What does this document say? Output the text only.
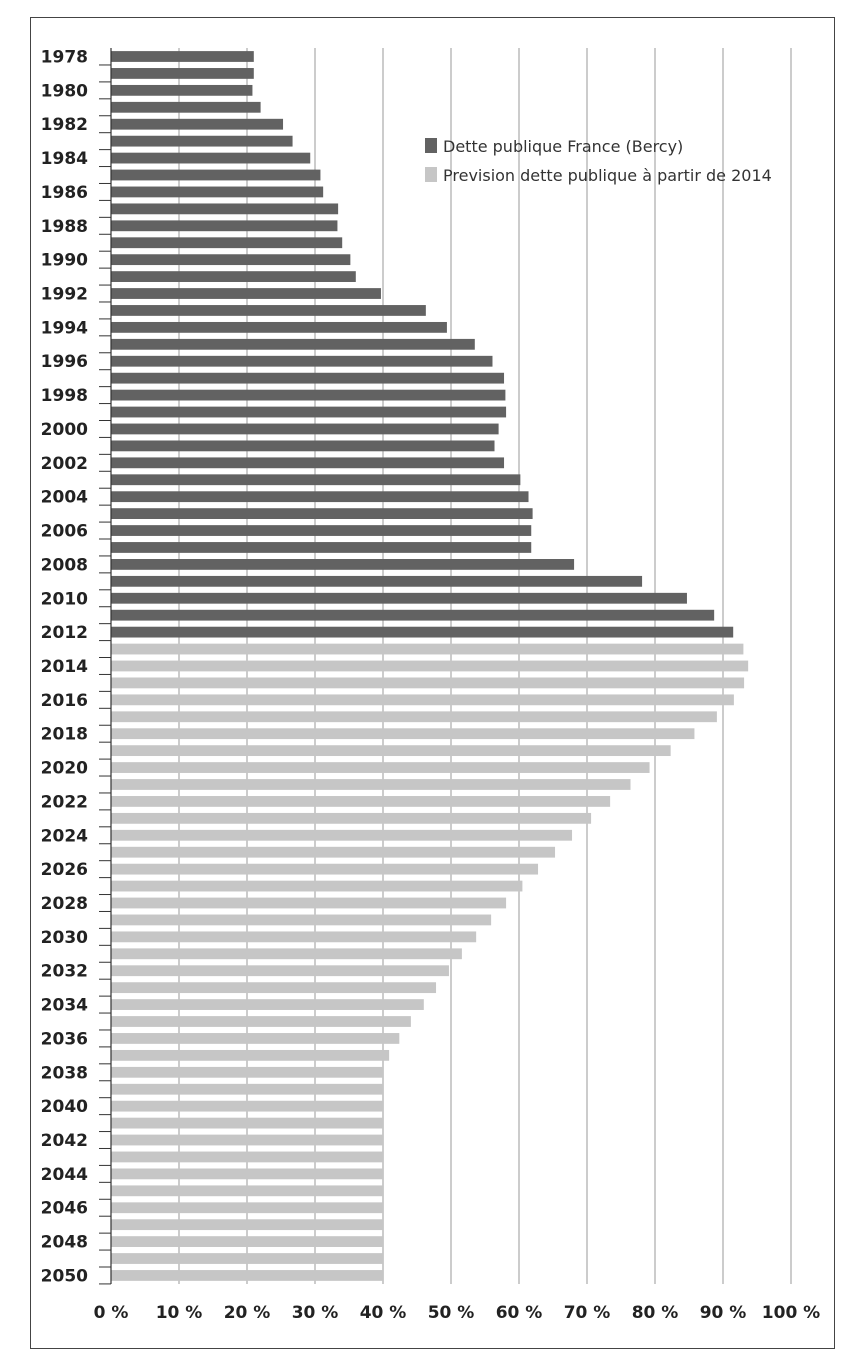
0 % 10 % 20 % 30 % 40 % 50 % 60 % 70 % 80 % 90 % 100 %
1978
1980
1982
1984
1986
1988
1990
1992
1994
1996
1998
2000
2002
2004
2006
2008
2010
2012
2014
2016
2018
2020
2022
2024
2026
2028
2030
2032
2034
2036
2038
2040
2042
2044
2046
2048
2050
Dette publique France (Bercy)
Prevision dette publique à partir de 2014
